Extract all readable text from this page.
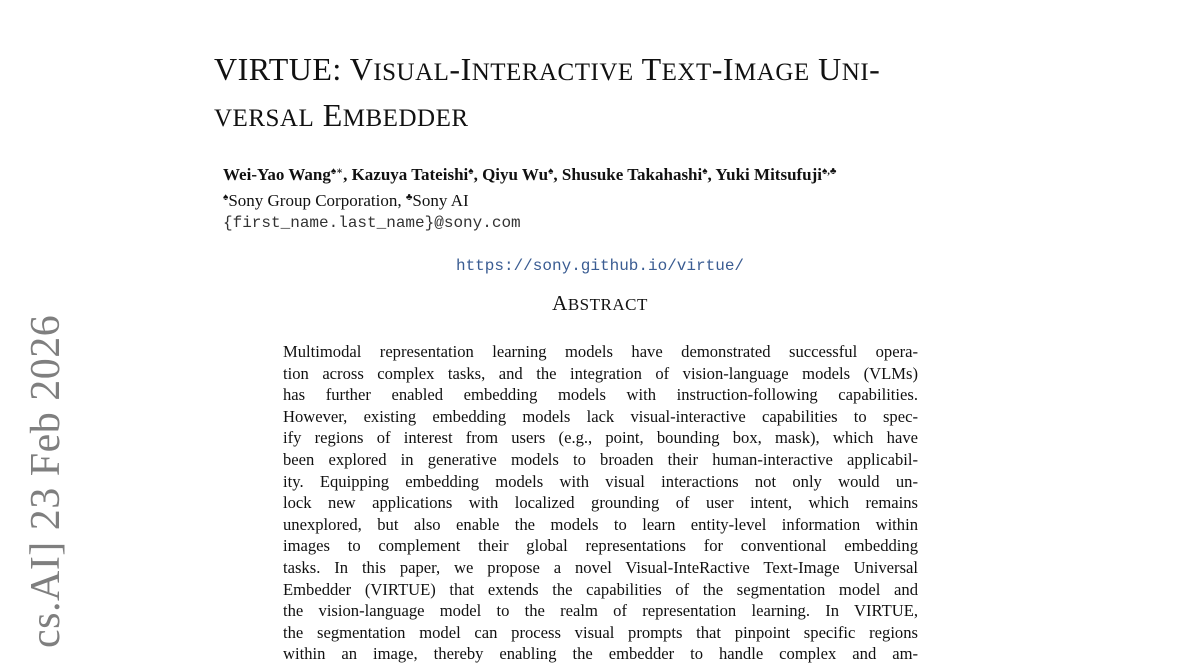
cs.AI] 23 Feb 2026
VIRTUE: VISUAL-INTERACTIVE TEXT-IMAGE UNI-
VERSAL EMBEDDER
Wei-Yao Wang♠∗, Kazuya Tateishi♠, Qiyu Wu♠, Shusuke Takahashi♠, Yuki Mitsufuji♠,♣
♠Sony Group Corporation, ♣Sony AI
{first_name.last_name}@sony.com
https://sony.github.io/virtue/
ABSTRACT
Multimodal representation learning models have demonstrated successful opera-
tion across complex tasks, and the integration of vision-language models (VLMs)
has further enabled embedding models with instruction-following capabilities.
However, existing embedding models lack visual-interactive capabilities to spec-
ify regions of interest from users (e.g., point, bounding box, mask), which have
been explored in generative models to broaden their human-interactive applicabil-
ity. Equipping embedding models with visual interactions not only would un-
lock new applications with localized grounding of user intent, which remains
unexplored, but also enable the models to learn entity-level information within
images to complement their global representations for conventional embedding
tasks. In this paper, we propose a novel Visual-InteRactive Text-Image Universal
Embedder (VIRTUE) that extends the capabilities of the segmentation model and
the vision-language model to the realm of representation learning. In VIRTUE,
the segmentation model can process visual prompts that pinpoint specific regions
within an image, thereby enabling the embedder to handle complex and am-
